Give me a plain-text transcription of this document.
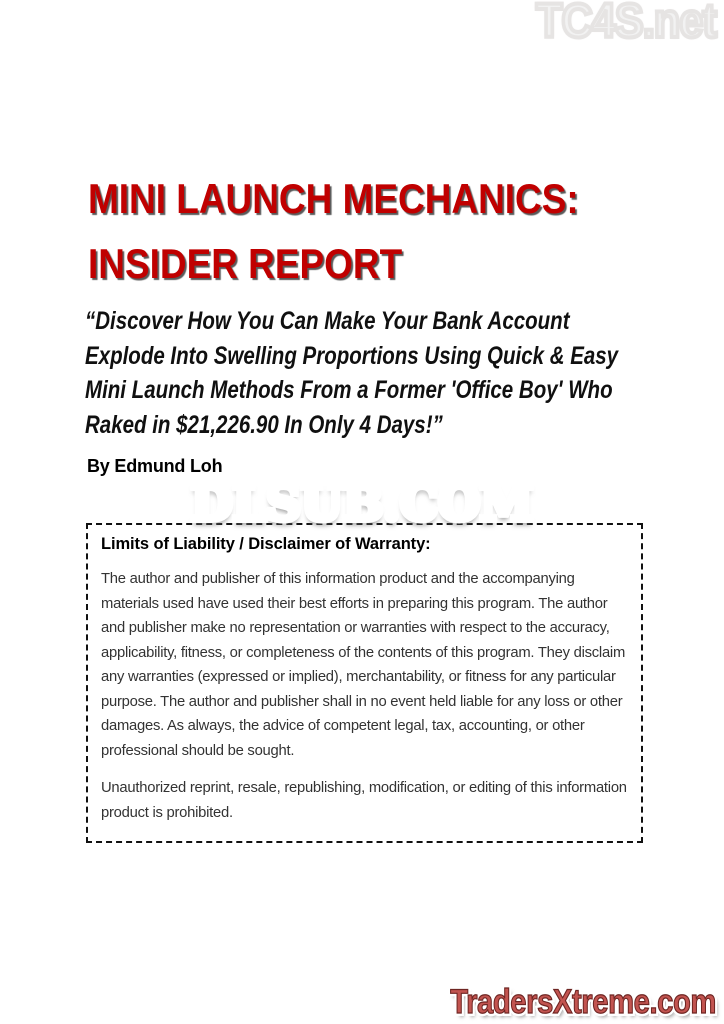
TC4S.net TC4S.net
MINI LAUNCH MECHANICS:
INSIDER REPORT
“Discover How You Can Make Your Bank Account
Explode Into Swelling Proportions Using Quick & Easy
Mini Launch Methods From a Former 'Office Boy' Who
Raked in $21,226.90 In Only 4 Days!”
By Edmund Loh
DLSUB.COM DLSUB.COM
Limits of Liability / Disclaimer of Warranty:

The author and publisher of this information product and the accompanying materials used have used their best efforts in preparing this program. The author and publisher make no representation or warranties with respect to the accuracy, applicability, fitness, or completeness of the contents of this program. They disclaim any warranties (expressed or implied), merchantability, or fitness for any particular purpose. The author and publisher shall in no event held liable for any loss or other damages. As always, the advice of competent legal, tax, accounting, or other professional should be sought.

Unauthorized reprint, resale, republishing, modification, or editing of this information product is prohibited.

TradersXtreme.com TradersXtreme.com
